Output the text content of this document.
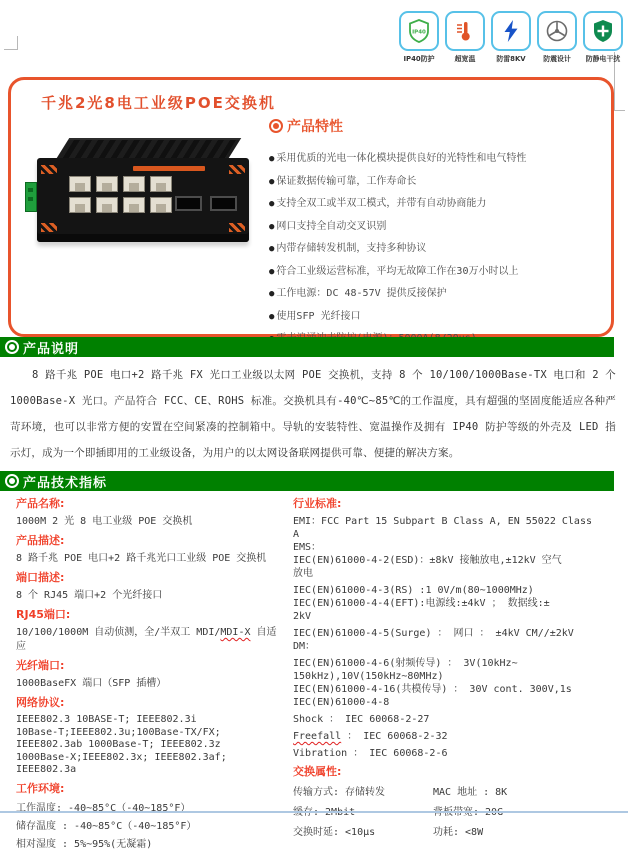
IP40
IP40防护	超宽温	防雷8KV	防震设计	防静电干扰
千兆2光8电工业级POE交换机
产品特性
● 采用优质的光电一体化模块提供良好的光特性和电气特性
● 保证数据传输可靠，工作寿命长
● 支持全双工或半双工模式，并带有自动协商能力
● 网口支持全自动交叉识别
● 内带存储转发机制，支持多种协议
● 符合工业级运营标准，平均无故障工作在30万小时以上
● 工作电源：DC 48-57V 提供反接保护
● 使用SFP 光纤接口
产品说明

8 路千兆 POE 电口+2 路千兆 FX 光口工业级以太网 POE 交换机，支持 8 个 10/100/1000Base-TX 电口和 2 个 1000Base-X 光口。产品符合 FCC、CE、ROHS 标准。交换机具有-40℃~85℃的工作温度，具有超强的坚固度能适应各种严苛环境，也可以非常方便的安置在空间紧凑的控制箱中。导轨的安装特性、宽温操作及拥有 IP40 防护等级的外壳及 LED 指示灯，成为一个即插即用的工业级设备，为用户的以太网设备联网提供可靠、便捷的解决方案。

产品技术指标
产品名称:
1000M 2 光 8 电工业级 POE 交换机
产品描述:
8 路千兆 POE 电口+2 路千兆光口工业级 POE 交换机
端口描述:
8 个 RJ45 端口+2 个光纤接口
RJ45端口:
10/100/1000M 自动侦测，全/半双工 MDI/MDI-X 自适应
光纤端口:
1000BaseFX 端口（SFP 插槽）
网络协议:
IEEE802.3 10BASE-T; IEEE802.3i
10Base-T;IEEE802.3u;100Base-TX/FX;
IEEE802.3ab 1000Base-T; IEEE802.3z
1000Base-X;IEEE802.3x; IEEE802.3af; IEEE802.3a
工作环境:
工作温度: -40~85°C（-40~185°F）
储存温度 : -40~85°C（-40~185°F）
相对湿度 : 5%~95%(无凝霜)
行业标准:
EMI：FCC Part 15 Subpart B Class A, EN 55022 Class
A
EMS：
IEC(EN)61000-4-2(ESD)：±8kV 接触放电,±12kV 空气
放电
IEC(EN)61000-4-3(RS) :1 0V/m(80~1000MHz)
IEC(EN)61000-4-4(EFT):电源线:±4kV ； 数据线:±
2kV
IEC(EN)61000-4-5(Surge) ： 网口 ： ±4kV CM//±2kV
DM：
IEC(EN)61000-4-6(射频传导) ： 3V(10kHz~
150kHz),10V(150kHz~80MHz)
IEC(EN)61000-4-16(共模传导) ： 30V cont. 300V,1s
IEC(EN)61000-4-8
Shock ： IEC 60068-2-27
Freefall ： IEC 60068-2-32
Vibration ： IEC 60068-2-6
交换属性:
传输方式: 存储转发	MAC 地址 : 8K
缓存: 2Mbit	背板带宽: 20G
交换时延: <10μs	功耗: <8W
